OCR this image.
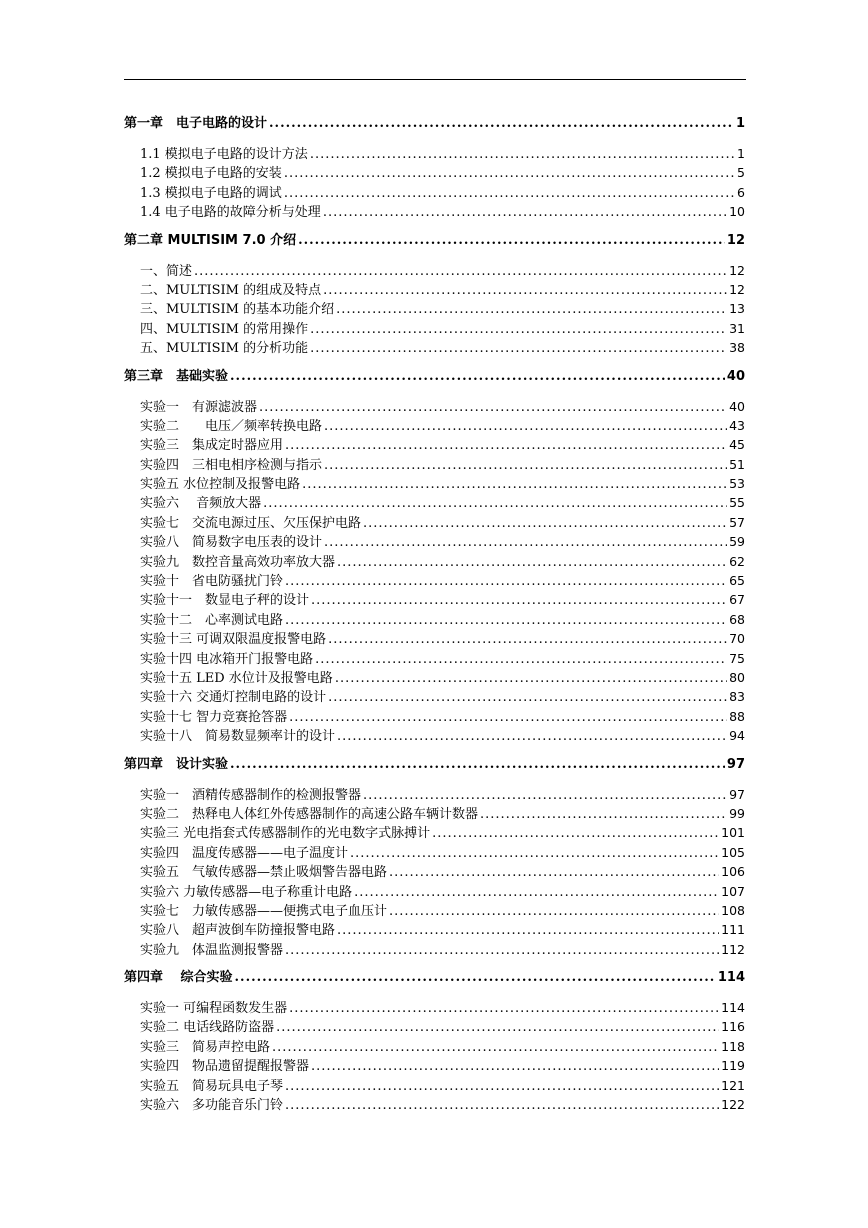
第一章　电子电路的设计 .....	1
1.1 模拟电子电路的设计方法 .....	1
1.2 模拟电子电路的安装 .....	5
1.3 模拟电子电路的调试 .....	6
1.4 电子电路的故障分析与处理 .....	10
第二章 MULTISIM 7.0 介绍 .....	12
一、简述 .....	12
二、MULTISIM 的组成及特点 .....	12
三、MULTISIM 的基本功能介绍 .....	13
四、MULTISIM 的常用操作 .....	31
五、MULTISIM 的分析功能 .....	38
第三章　基础实验 .....	40
实验一　有源滤波器 .....	40
实验二　　电压／频率转换电路 .....	43
实验三　集成定时器应用 .....	45
实验四　三相电相序检测与指示 .....	51
实验五 水位控制及报警电路 .....	53
实验六　 音频放大器 .....	55
实验七　交流电源过压、欠压保护电路 .....	57
实验八　简易数字电压表的设计 .....	59
实验九　数控音量高效功率放大器 .....	62
实验十　省电防骚扰门铃 .....	65
实验十一　数显电子秤的设计 .....	67
实验十二　心率测试电路 .....	68
实验十三 可调双限温度报警电路 .....	70
实验十四 电冰箱开门报警电路 .....	75
实验十五 LED 水位计及报警电路 .....	80
实验十六 交通灯控制电路的设计 .....	83
实验十七 智力竞赛抢答器 .....	88
实验十八　简易数显频率计的设计 .....	94
第四章　设计实验 .....	97
实验一　酒精传感器制作的检测报警器 .....	97
实验二　热释电人体红外传感器制作的高速公路车辆计数器 .....	99
实验三 光电指套式传感器制作的光电数字式脉搏计 .....	101
实验四　温度传感器——电子温度计 .....	105
实验五　气敏传感器—禁止吸烟警告器电路 .....	106
实验六 力敏传感器—电子称重计电路 .....	107
实验七　力敏传感器——便携式电子血压计 .....	108
实验八　超声波倒车防撞报警电路 .....	111
实验九　体温监测报警器 .....	112
第四章　 综合实验 .....	114
实验一 可编程函数发生器 .....	114
实验二 电话线路防盗器 .....	116
实验三　简易声控电路 .....	118
实验四　物品遗留提醒报警器 .....	119
实验五　简易玩具电子琴 .....	121
实验六　多功能音乐门铃 .....	122
